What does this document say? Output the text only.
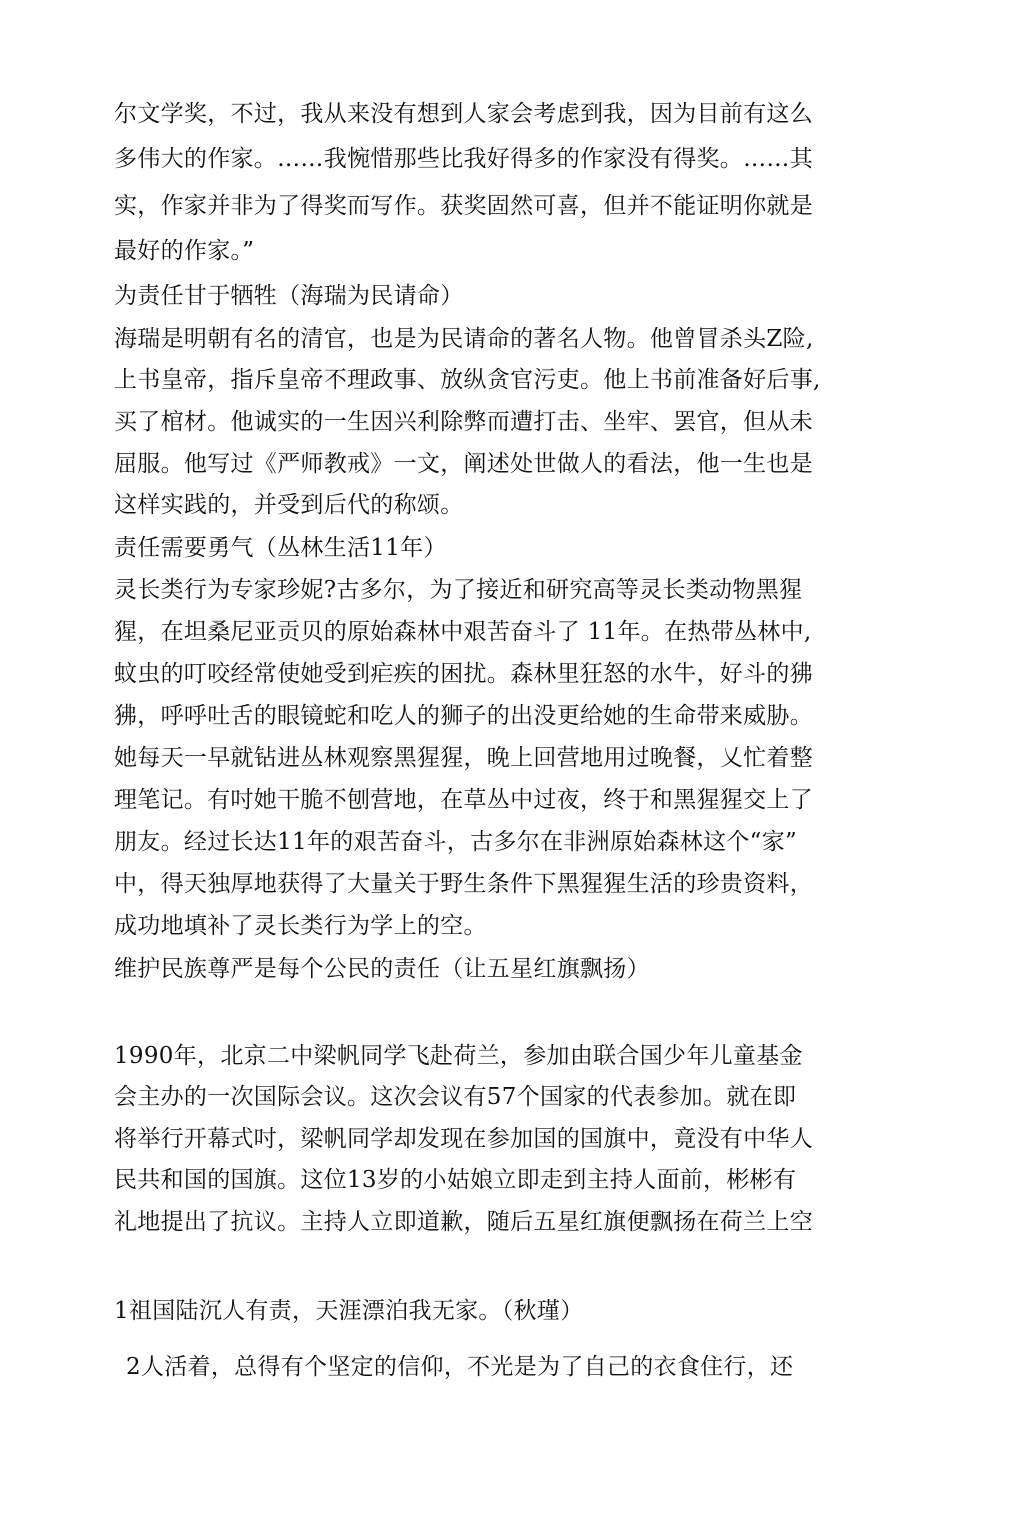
尔文学奖，不过，我从来没有想到人家会考虑到我，因为目前有这么
多伟大的作家。……我惋惜那些比我好得多的作家没有得奖。……其
实，作家并非为了得奖而写作。获奖固然可喜，但并不能证明你就是
最好的作家。”
为责任甘于牺牲（海瑞为民请命）
海瑞是明朝有名的清官，也是为民请命的著名人物。他曾冒杀头Z险,
上书皇帝，指斥皇帝不理政事、放纵贪官污吏。他上书前准备好后事,
买了棺材。他诚实的一生因兴利除弊而遭打击、坐牢、罢官，但从未
屈服。他写过《严师教戒》一文，阐述处世做人的看法，他一生也是
这样实践的，并受到后代的称颂。
责任需要勇气（丛林生活11年）
灵长类行为专家珍妮?古多尔，为了接近和研究高等灵长类动物黑猩
猩，在坦桑尼亚贡贝的原始森林中艰苦奋斗了 11年。在热带丛林中,
蚊虫的叮咬经常使她受到疟疾的困扰。森林里狂怒的水牛，好斗的狒
狒，呼呼吐舌的眼镜蛇和吃人的狮子的出没更给她的生命带来威胁。
她每天一早就钻进丛林观察黑猩猩，晚上回营地用过晚餐，乂忙着整
理笔记。有吋她干脆不刨营地，在草丛中过夜，终于和黑猩猩交上了
朋友。经过长达11年的艰苦奋斗，古多尔在非洲原始森林这个“家”
中，得天独厚地获得了大量关于野生条件下黑猩猩生活的珍贵资料，
成功地填补了灵长类行为学上的空。
维护民族尊严是每个公民的责任（让五星红旗飘扬）
1990年，北京二中梁帆同学飞赴荷兰，参加由联合国少年儿童基金
会主办的一次国际会议。这次会议有57个国家的代表参加。就在即
将举行开幕式吋，梁帆同学却发现在参加国的国旗中，竟没有中华人
民共和国的国旗。这位13岁的小姑娘立即走到主持人面前，彬彬有
礼地提出了抗议。主持人立即道歉，随后五星红旗便飘扬在荷兰上空
1祖国陆沉人有责，天涯漂泊我无家。（秋瑾）
2人活着，总得有个坚定的信仰，不光是为了自己的衣食住行，还
